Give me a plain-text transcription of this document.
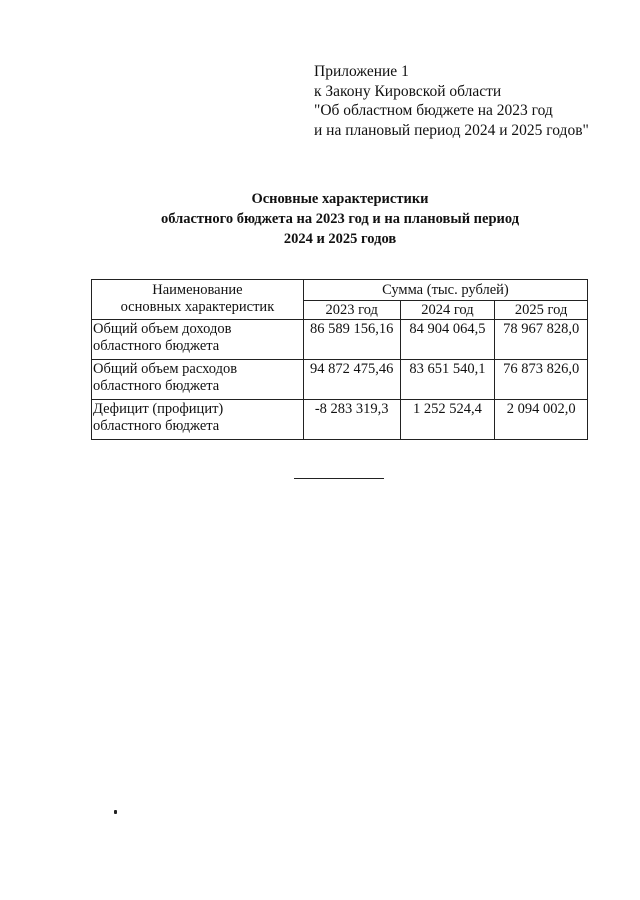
Приложение 1
к Закону Кировской области
"Об областном бюджете на 2023 год
и на плановый период 2024 и 2025 годов"
Основные характеристики
областного бюджета на 2023 год и на плановый период
2024 и 2025 годов
Наименование
основных характеристик	Сумма (тыс. рублей)		
	2023 год	2024 год	2025 год

Общий объем доходов
областного бюджета	86 589 156,16	84 904 064,5	78 967 828,0

Общий объем расходов
областного бюджета	94 872 475,46	83 651 540,1	76 873 826,0

Дефицит (профицит)
областного бюджета	-8 283 319,3	1 252 524,4	2 094 002,0
